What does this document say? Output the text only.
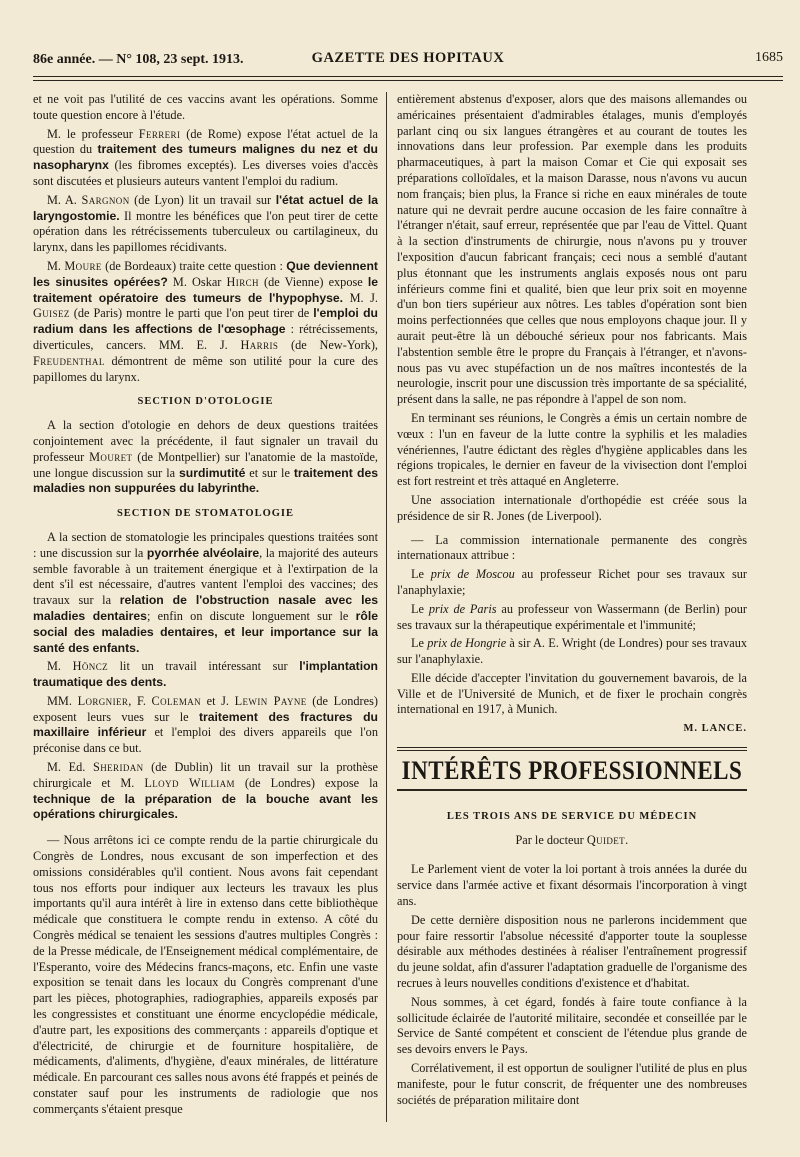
86e année. — N° 108, 23 sept. 1913.	GAZETTE DES HOPITAUX	1685

et ne voit pas l'utilité de ces vaccins avant les opérations. Somme toute question encore à l'étude.

M. le professeur Ferreri (de Rome) expose l'état actuel de la question du traitement des tumeurs malignes du nez et du nasopharynx (les fibromes exceptés). Les diverses voies d'accès sont discutées et plusieurs auteurs vantent l'emploi du radium.

M. A. Sargnon (de Lyon) lit un travail sur l'état actuel de la laryngostomie. Il montre les bénéfices que l'on peut tirer de cette opération dans les rétrécissements tuberculeux ou cartilagineux, du larynx, dans les papillomes récidivants.

M. Moure (de Bordeaux) traite cette question : Que deviennent les sinusites opérées? M. Oskar Hirch (de Vienne) expose le traitement opératoire des tumeurs de l'hypophyse. M. J. Guisez (de Paris) montre le parti que l'on peut tirer de l'emploi du radium dans les affections de l'œsophage : rétrécissements, diverticules, cancers. MM. E. J. Harris (de New-York), Freudenthal démontrent de même son utilité pour la cure des papillomes du larynx.

SECTION D'OTOLOGIE

A la section d'otologie en dehors de deux questions traitées conjointement avec la précédente, il faut signaler un travail du professeur Mouret (de Montpellier) sur l'anatomie de la mastoïde, une longue discussion sur la surdimutité et sur le traitement des maladies non suppurées du labyrinthe.

SECTION DE STOMATOLOGIE

A la section de stomatologie les principales questions traitées sont : une discussion sur la pyorrhée alvéolaire, la majorité des auteurs semble favorable à un traitement énergique et à l'extirpation de la dent s'il est nécessaire, d'autres vantent l'emploi des vaccines; des travaux sur la relation de l'obstruction nasale avec les maladies dentaires; enfin on discute longuement sur le rôle social des maladies dentaires, et leur importance sur la santé des enfants.

M. Höncz lit un travail intéressant sur l'implantation traumatique des dents.

MM. Lorgnier, F. Coleman et J. Lewin Payne (de Londres) exposent leurs vues sur le traitement des fractures du maxillaire inférieur et l'emploi des divers appareils que l'on préconise dans ce but.

M. Ed. Sheridan (de Dublin) lit un travail sur la prothèse chirurgicale et M. Lloyd William (de Londres) expose la technique de la préparation de la bouche avant les opérations chirurgicales.

— Nous arrêtons ici ce compte rendu de la partie chirurgicale du Congrès de Londres, nous excusant de son imperfection et des omissions considérables qu'il contient. Nous avons fait cependant tous nos efforts pour indiquer aux lecteurs les travaux les plus importants qu'il aura intérêt à lire in extenso dans cette bibliothèque médicale que constituera le compte rendu in extenso. A côté du Congrès médical se tenaient les sessions d'autres multiples Congrès : de la Presse médicale, de l'Enseignement médical complémentaire, de l'Esperanto, voire des Médecins francs-maçons, etc. Enfin une vaste exposition se tenait dans les locaux du Congrès comprenant d'une part les pièces, photographies, radiographies, appareils exposés par les congressistes et constituant une énorme encyclopédie médicale, d'autre part, les expositions des commerçants : appareils d'optique et d'électricité, de chirurgie et de fourniture hospitalière, de médicaments, d'aliments, d'hygiène, d'eaux minérales, de littérature médicale. En parcourant ces salles nous avons été frappés et peinés de constater sauf pour les instruments de radiologie que nos commerçants s'étaient presque

entièrement abstenus d'exposer, alors que des maisons allemandes ou américaines présentaient d'admirables étalages, munis d'employés parlant cinq ou six langues étrangères et au courant de toutes les innovations dans leur profession. Par exemple dans les produits pharmaceutiques, à part la maison Comar et Cie qui exposait ses préparations colloïdales, et la maison Darasse, nous n'avons vu aucun nom français; bien plus, la France si riche en eaux minérales de toute nature qui ne devrait perdre aucune occasion de les faire connaître à l'étranger n'était, sauf erreur, représentée que par l'eau de Vittel. Quant à la section d'instruments de chirurgie, nous n'avons pu y trouver l'exposition d'aucun fabricant français; ceci nous a semblé d'autant plus étonnant que les instruments anglais exposés nous ont paru inférieurs comme fini et qualité, bien que leur prix soit en moyenne d'un bon tiers supérieur aux nôtres. Les tables d'opération sont bien moins perfectionnées que celles que nous employons chaque jour. Il y aurait peut-être là un débouché sérieux pour nos fabricants. Mais l'abstention semble être le propre du Français à l'étranger, et n'avons-nous pas vu avec stupéfaction un de nos maîtres incontestés de la neurologie, inscrit pour une discussion très importante de sa spécialité, présent dans la salle, ne pas répondre à l'appel de son nom.

En terminant ses réunions, le Congrès a émis un certain nombre de vœux : l'un en faveur de la lutte contre la syphilis et les maladies vénériennes, l'autre édictant des règles d'hygiène applicables dans les régions tropicales, le dernier en faveur de la vivisection dont l'emploi est fort restreint et très attaqué en Angleterre.

Une association internationale d'orthopédie est créée sous la présidence de sir R. Jones (de Liverpool).

— La commission internationale permanente des congrès internationaux attribue :

Le prix de Moscou au professeur Richet pour ses travaux sur l'anaphylaxie;

Le prix de Paris au professeur von Wassermann (de Berlin) pour ses travaux sur la thérapeutique expérimentale et l'immunité;

Le prix de Hongrie à sir A. E. Wright (de Londres) pour ses travaux sur l'anaphylaxie.

Elle décide d'accepter l'invitation du gouvernement bavarois, de la Ville et de l'Université de Munich, et de fixer le prochain congrès international en 1917, à Munich.

M. LANCE.
INTÉRÊTS PROFESSIONNELS
LES TROIS ANS DE SERVICE DU MÉDECIN
Par le docteur Quidet.

Le Parlement vient de voter la loi portant à trois années la durée du service dans l'armée active et fixant désormais l'incorporation à vingt ans.

De cette dernière disposition nous ne parlerons incidemment que pour faire ressortir l'absolue nécessité d'apporter toute la souplesse désirable aux méthodes destinées à réaliser l'entraînement progressif du jeune soldat, afin d'assurer l'adaptation graduelle de l'organisme des recrues à leurs nouvelles conditions d'existence et d'habitat.

Nous sommes, à cet égard, fondés à faire toute confiance à la sollicitude éclairée de l'autorité militaire, secondée et conseillée par le Service de Santé compétent et conscient de l'étendue plus grande de ses devoirs envers le Pays.

Corrélativement, il est opportun de souligner l'utilité de plus en plus manifeste, pour le futur conscrit, de fréquenter une des nombreuses sociétés de préparation militaire dont
